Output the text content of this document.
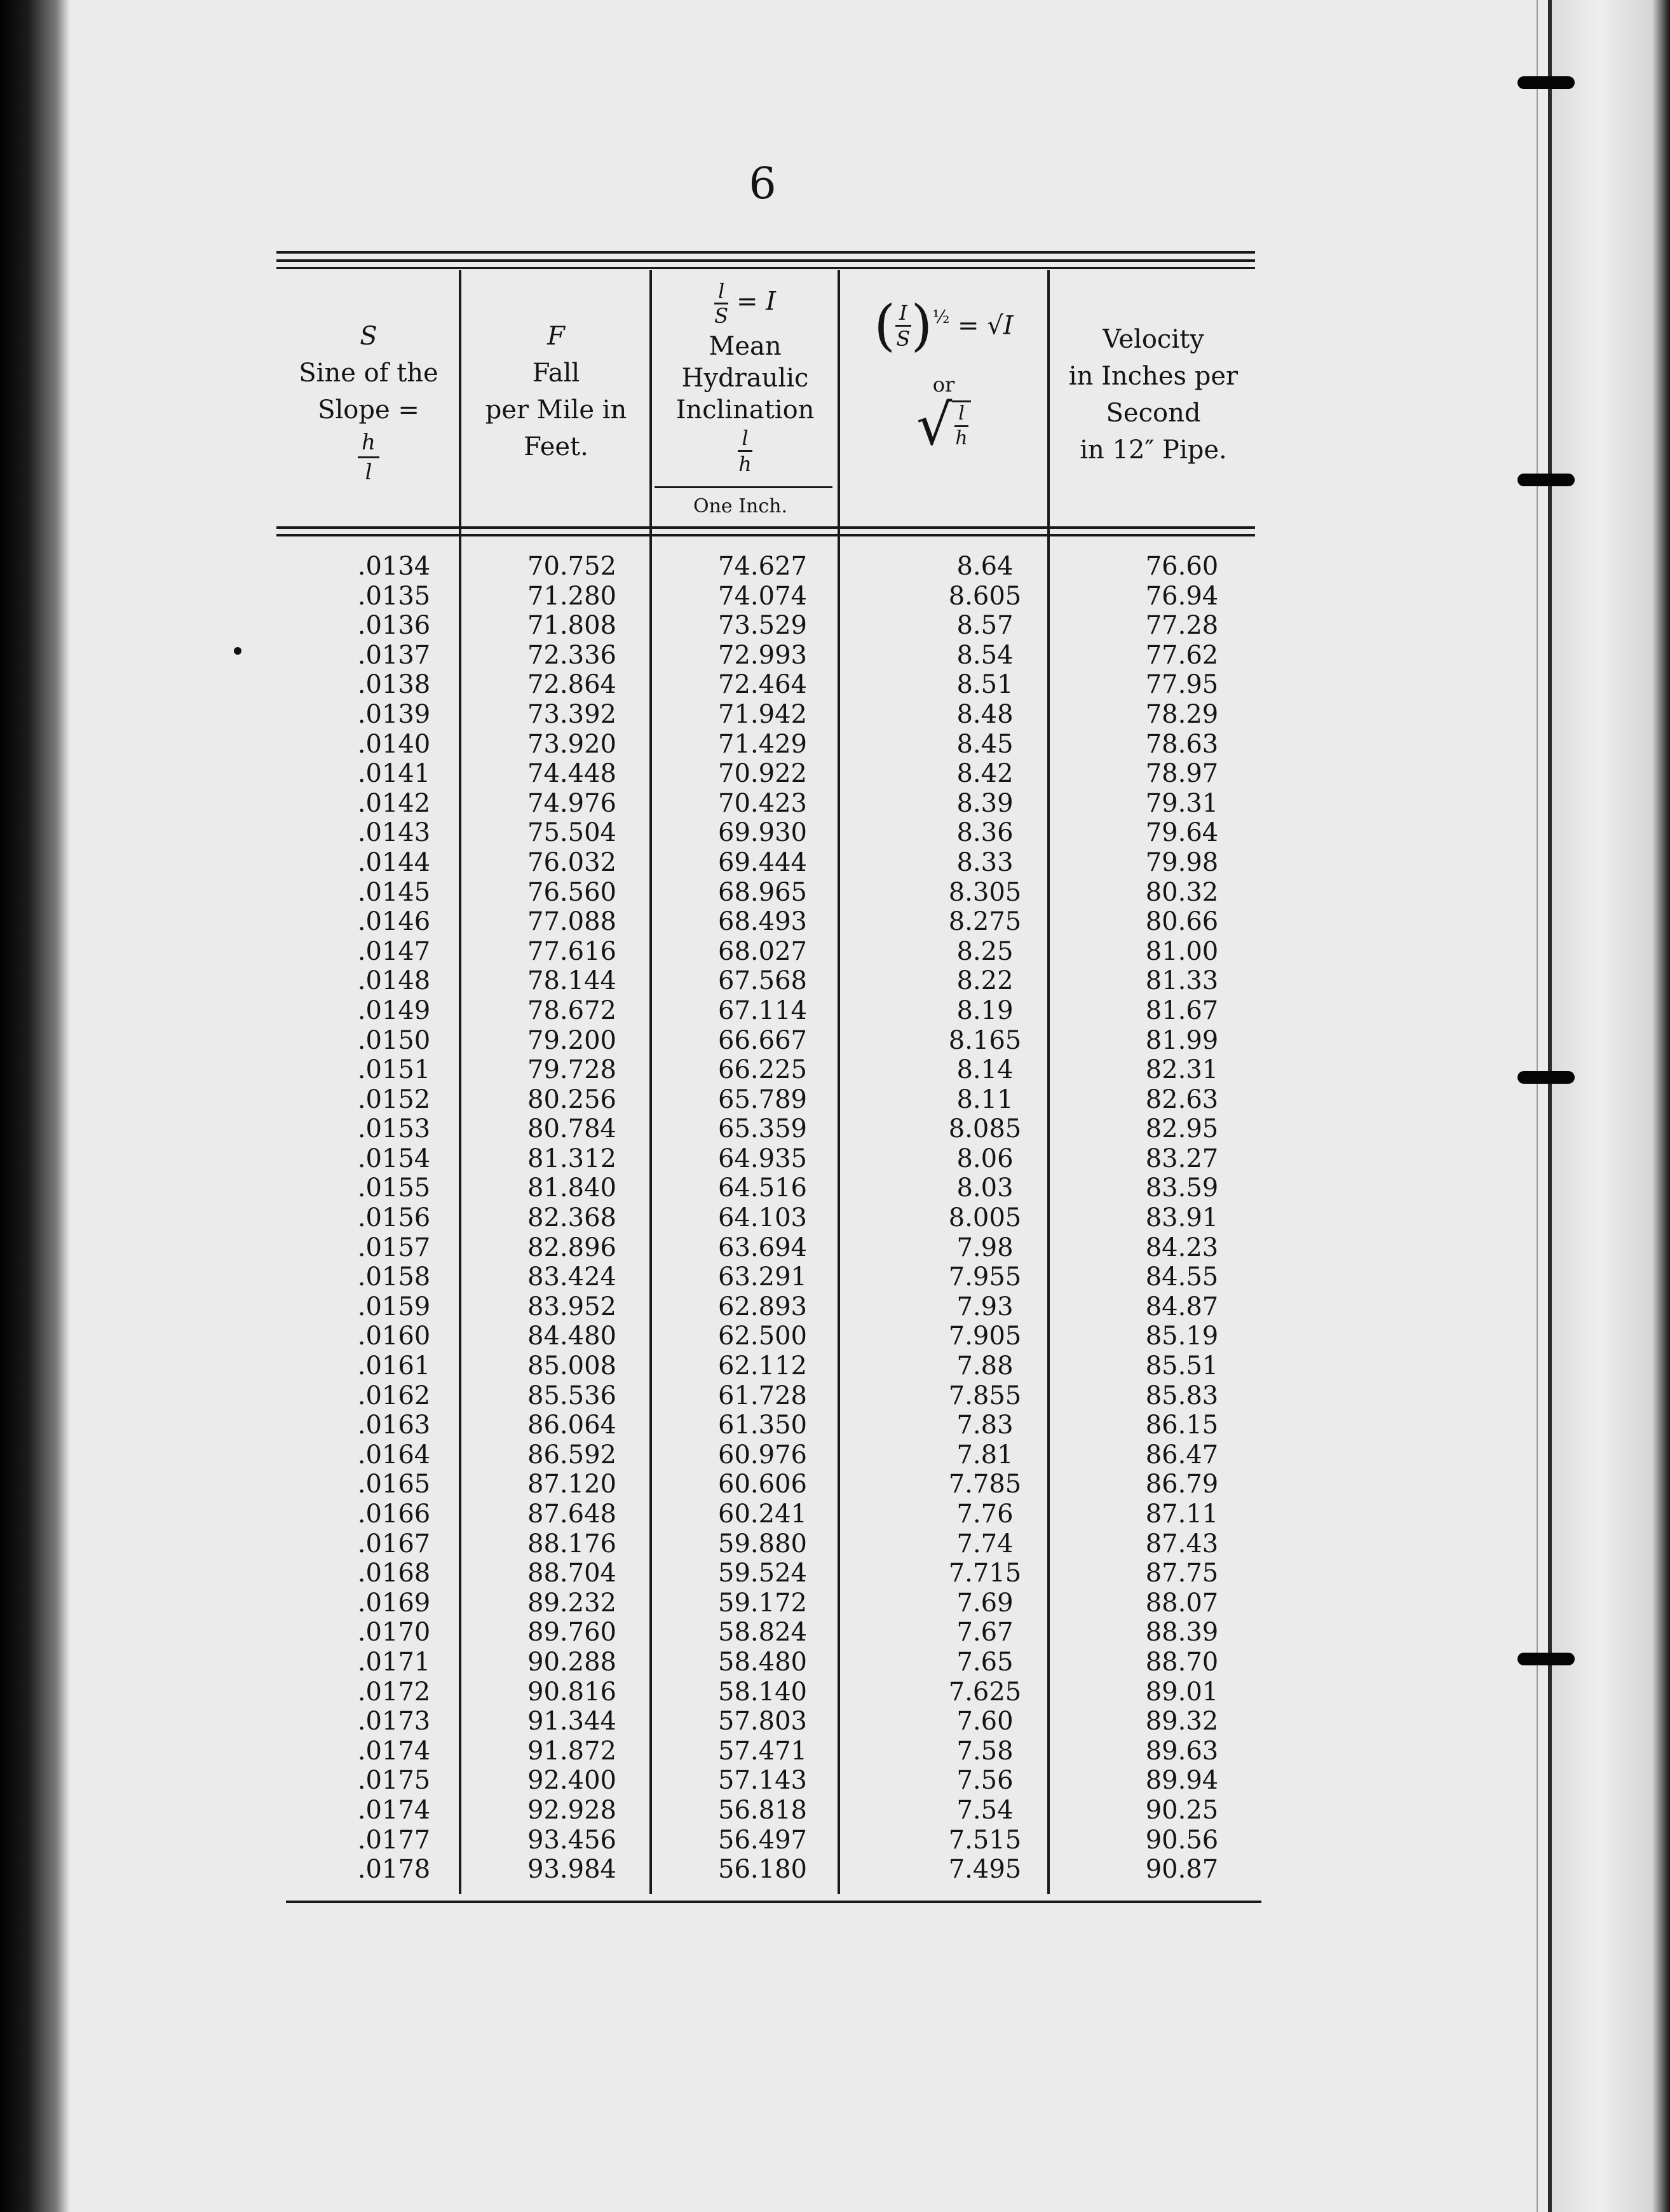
6
S
Sine of the
Slope =
$\frac{h}{l}$
F
Fall
per Mile in
Feet.
$\frac{l}{S} = I$
Mean
Hydraulic
Inclination
$\frac{l}{h}$
One Inch.
( $\frac{I}{S} )^{\frac{1}{2}} = √I$
or
√ $\frac{l}{h}$
Velocity
in Inches per
Second
in 12″ Pipe.
.0134
.0135
.0136
.0137
.0138
.0139
.0140
.0141
.0142
.0143
.0144
.0145
.0146
.0147
.0148
.0149
.0150
.0151
.0152
.0153
.0154
.0155
.0156
.0157
.0158
.0159
.0160
.0161
.0162
.0163
.0164
.0165
.0166
.0167
.0168
.0169
.0170
.0171
.0172
.0173
.0174
.0175
.0174
.0177
.0178
70.752
71.280
71.808
72.336
72.864
73.392
73.920
74.448
74.976
75.504
76.032
76.560
77.088
77.616
78.144
78.672
79.200
79.728
80.256
80.784
81.312
81.840
82.368
82.896
83.424
83.952
84.480
85.008
85.536
86.064
86.592
87.120
87.648
88.176
88.704
89.232
89.760
90.288
90.816
91.344
91.872
92.400
92.928
93.456
93.984
74.627
74.074
73.529
72.993
72.464
71.942
71.429
70.922
70.423
69.930
69.444
68.965
68.493
68.027
67.568
67.114
66.667
66.225
65.789
65.359
64.935
64.516
64.103
63.694
63.291
62.893
62.500
62.112
61.728
61.350
60.976
60.606
60.241
59.880
59.524
59.172
58.824
58.480
58.140
57.803
57.471
57.143
56.818
56.497
56.180
8.64
8.605
8.57
8.54
8.51
8.48
8.45
8.42
8.39
8.36
8.33
8.305
8.275
8.25
8.22
8.19
8.165
8.14
8.11
8.085
8.06
8.03
8.005
7.98
7.955
7.93
7.905
7.88
7.855
7.83
7.81
7.785
7.76
7.74
7.715
7.69
7.67
7.65
7.625
7.60
7.58
7.56
7.54
7.515
7.495
76.60
76.94
77.28
77.62
77.95
78.29
78.63
78.97
79.31
79.64
79.98
80.32
80.66
81.00
81.33
81.67
81.99
82.31
82.63
82.95
83.27
83.59
83.91
84.23
84.55
84.87
85.19
85.51
85.83
86.15
86.47
86.79
87.11
87.43
87.75
88.07
88.39
88.70
89.01
89.32
89.63
89.94
90.25
90.56
90.87
